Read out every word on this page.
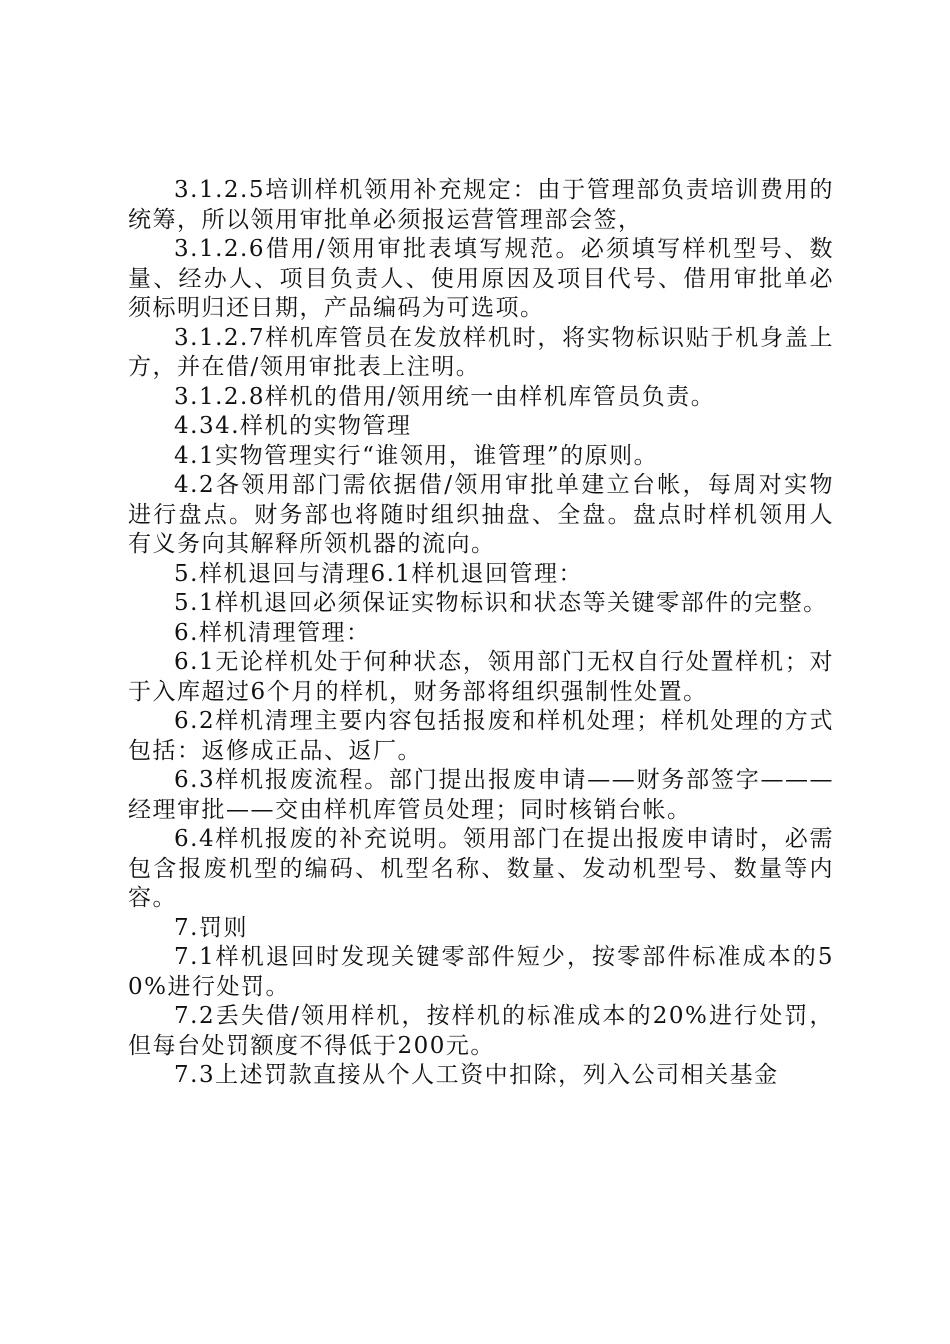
3.1.2.5培训样机领用补充规定：由于管理部负责培训费用的统筹，所以领用审批单必须报运营管理部会签，

3.1.2.6借用/领用审批表填写规范。必须填写样机型号、数量、经办人、项目负责人、使用原因及项目代号、借用审批单必须标明归还日期，产品编码为可选项。

3.1.2.7样机库管员在发放样机时，将实物标识贴于机身盖上方，并在借/领用审批表上注明。

3.1.2.8样机的借用/领用统一由样机库管员负责。

4.34.样机的实物管理

4.1实物管理实行“谁领用，谁管理”的原则。

4.2各领用部门需依据借/领用审批单建立台帐，每周对实物进行盘点。财务部也将随时组织抽盘、全盘。盘点时样机领用人有义务向其解释所领机器的流向。

5.样机退回与清理6.1样机退回管理：

5.1样机退回必须保证实物标识和状态等关键零部件的完整。

6.样机清理管理：

6.1无论样机处于何种状态，领用部门无权自行处置样机；对于入库超过6个月的样机，财务部将组织强制性处置。

6.2样机清理主要内容包括报废和样机处理；样机处理的方式包括：返修成正品、返厂。

6.3样机报废流程。部门提出报废申请——财务部签字———经理审批——交由样机库管员处理；同时核销台帐。

6.4样机报废的补充说明。领用部门在提出报废申请时，必需包含报废机型的编码、机型名称、数量、发动机型号、数量等内容。

7.罚则

7.1样机退回时发现关键零部件短少，按零部件标准成本的50%进行处罚。

7.2丢失借/领用样机，按样机的标准成本的20%进行处罚，但每台处罚额度不得低于200元。

7.3上述罚款直接从个人工资中扣除，列入公司相关基金
